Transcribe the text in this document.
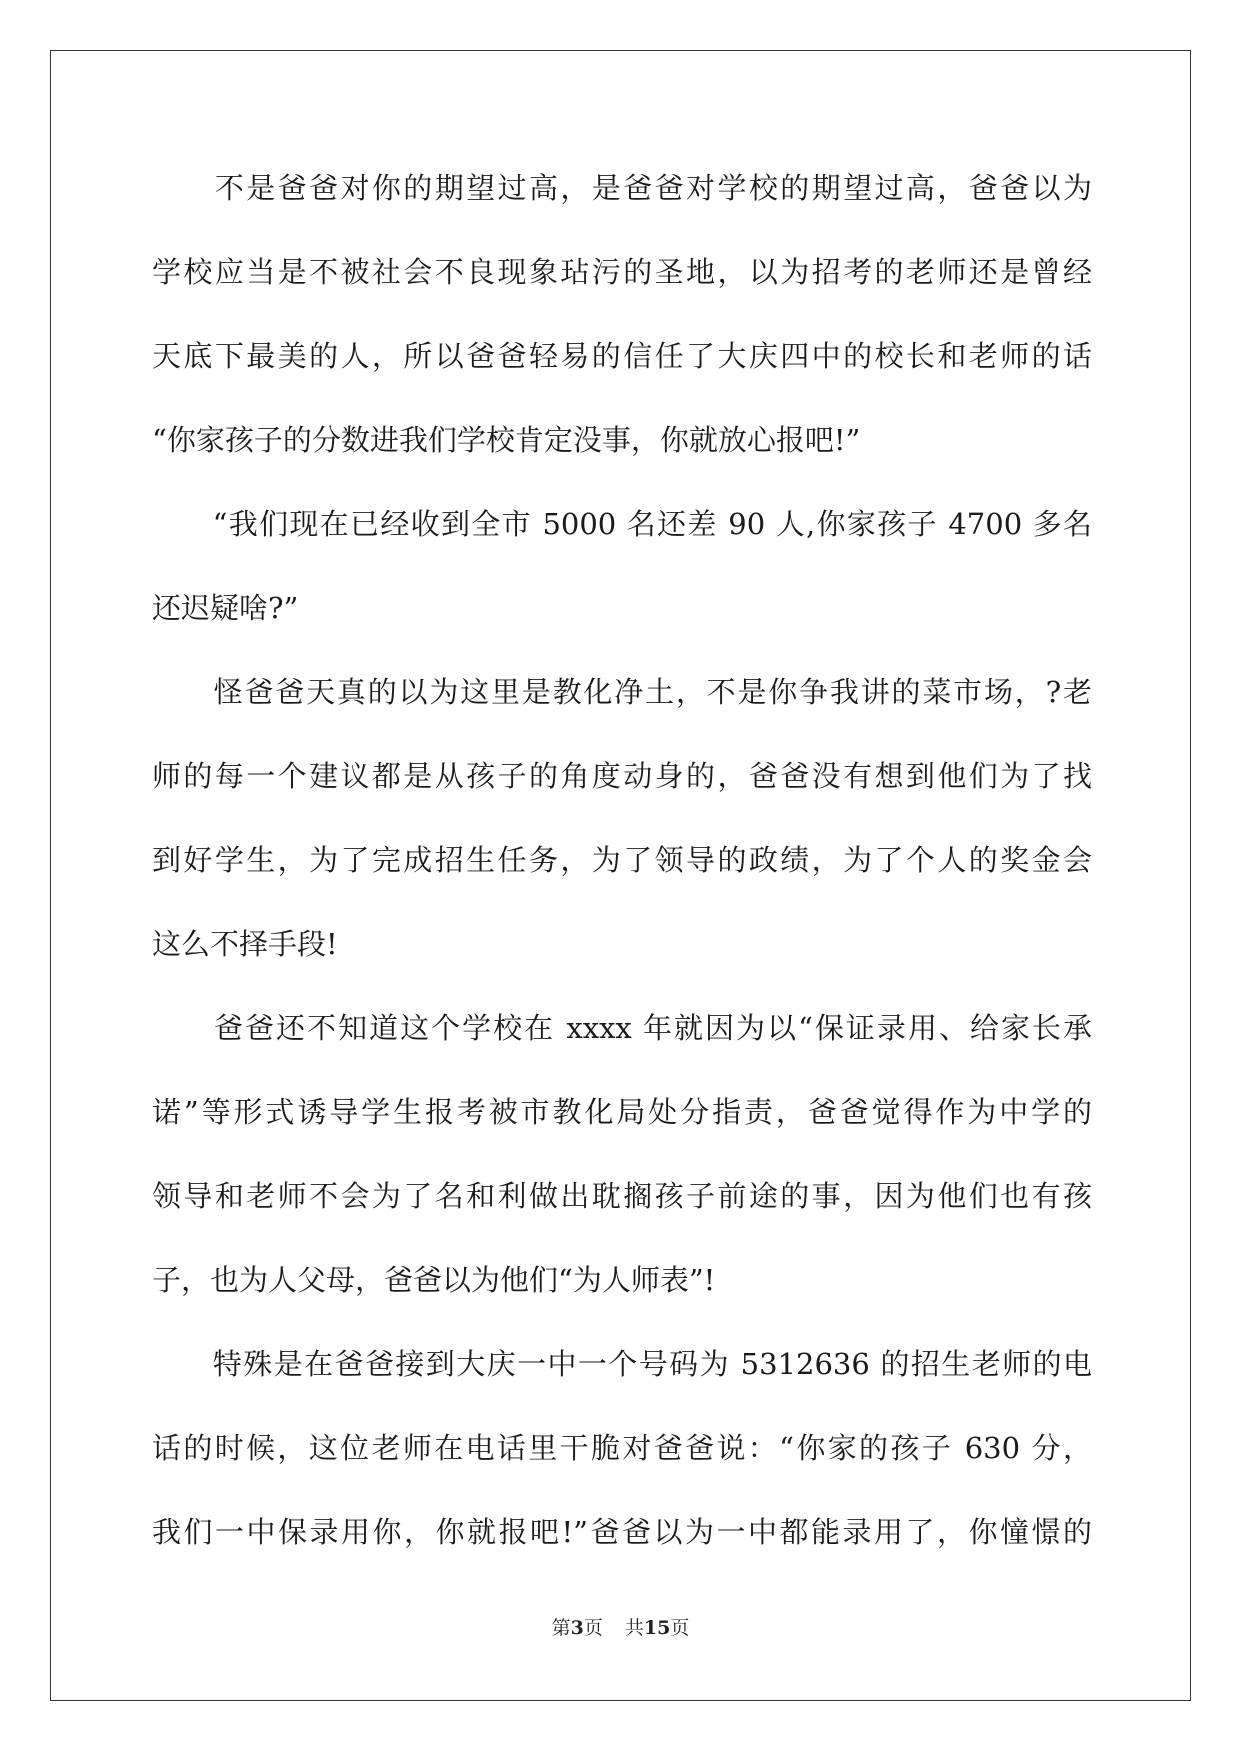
　　不是爸爸对你的期望过高，是爸爸对学校的期望过高，爸爸以为
学校应当是不被社会不良现象玷污的圣地，以为招考的老师还是曾经
天底下最美的人，所以爸爸轻易的信任了大庆四中的校长和老师的话
“你家孩子的分数进我们学校肯定没事，你就放心报吧!”
　　“我们现在已经收到全市 5000 名还差 90 人,你家孩子 4700 多名
还迟疑啥?”
　　怪爸爸天真的以为这里是教化净土，不是你争我讲的菜市场，?老
师的每一个建议都是从孩子的角度动身的，爸爸没有想到他们为了找
到好学生，为了完成招生任务，为了领导的政绩，为了个人的奖金会
这么不择手段!
　　爸爸还不知道这个学校在 xxxx 年就因为以“保证录用、给家长承
诺”等形式诱导学生报考被市教化局处分指责，爸爸觉得作为中学的
领导和老师不会为了名和利做出耽搁孩子前途的事，因为他们也有孩
子，也为人父母，爸爸以为他们“为人师表”!
　　特殊是在爸爸接到大庆一中一个号码为 5312636 的招生老师的电
话的时候，这位老师在电话里干脆对爸爸说：“你家的孩子 630 分，
我们一中保录用你，你就报吧!”爸爸以为一中都能录用了，你憧憬的
第3页 共15页
